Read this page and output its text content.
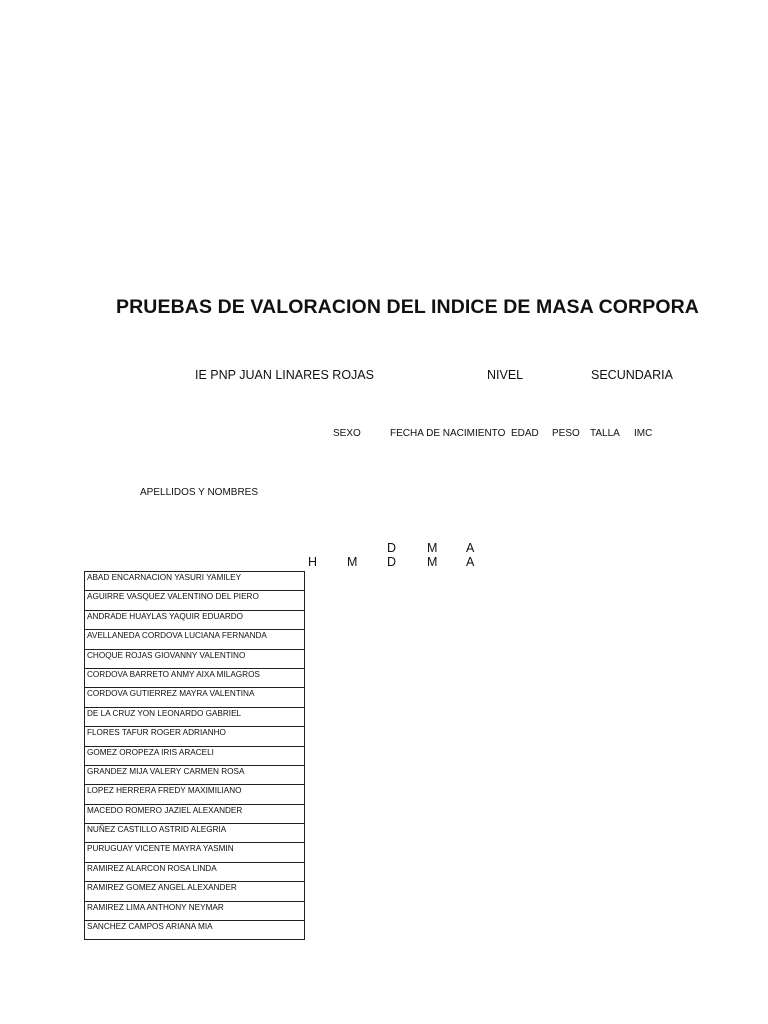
PRUEBAS DE VALORACION DEL INDICE DE MASA CORPORA
IE PNP JUAN LINARES ROJAS	NIVEL	SECUNDARIA
SEXO	FECHA DE NACIMIENTO EDAD PESO TALLA IMC
APELLIDOS Y NOMBRES
D M A
H M D M A
ABAD ENCARNACION YASURI YAMILEY
AGUIRRE VASQUEZ VALENTINO DEL PIERO
ANDRADE HUAYLAS YAQUIR EDUARDO
AVELLANEDA CORDOVA LUCIANA FERNANDA
CHOQUE ROJAS GIOVANNY VALENTINO
CORDOVA BARRETO ANMY AIXA MILAGROS
CORDOVA GUTIERREZ MAYRA VALENTINA
DE LA CRUZ YON LEONARDO GABRIEL
FLORES TAFUR ROGER ADRIANHO
GOMEZ OROPEZA IRIS ARACELI
GRANDEZ MIJA VALERY CARMEN ROSA
LOPEZ HERRERA FREDY MAXIMILIANO
MACEDO ROMERO JAZIEL ALEXANDER
NUÑEZ CASTILLO ASTRID ALEGRIA
PURUGUAY VICENTE MAYRA YASMIN
RAMIREZ ALARCON ROSA LINDA
RAMIREZ GOMEZ ANGEL ALEXANDER
RAMIREZ LIMA ANTHONY NEYMAR
SANCHEZ CAMPOS ARIANA MIA
